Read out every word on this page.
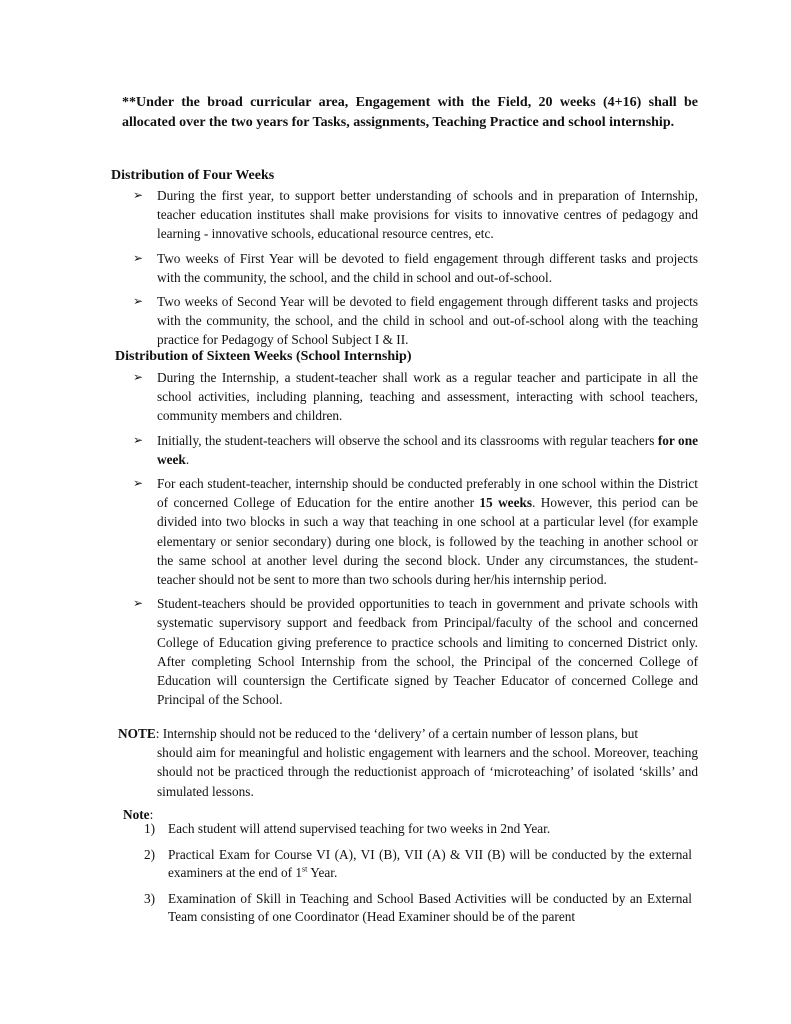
**Under the broad curricular area, Engagement with the Field, 20 weeks (4+16) shall be allocated over the two years for Tasks, assignments, Teaching Practice and school internship.
Distribution of Four Weeks
➢ During the first year, to support better understanding of schools and in preparation of Internship, teacher education institutes shall make provisions for visits to innovative centres of pedagogy and learning - innovative schools, educational resource centres, etc.
➢ Two weeks of First Year will be devoted to field engagement through different tasks and projects with the community, the school, and the child in school and out-of-school.
➢ Two weeks of Second Year will be devoted to field engagement through different tasks and projects with the community, the school, and the child in school and out-of-school along with the teaching practice for Pedagogy of School Subject I & II.
Distribution of Sixteen Weeks (School Internship)
➢ During the Internship, a student-teacher shall work as a regular teacher and participate in all the school activities, including planning, teaching and assessment, interacting with school teachers, community members and children.
➢ Initially, the student-teachers will observe the school and its classrooms with regular teachers for one week.
➢ For each student-teacher, internship should be conducted preferably in one school within the District of concerned College of Education for the entire another 15 weeks. However, this period can be divided into two blocks in such a way that teaching in one school at a particular level (for example elementary or senior secondary) during one block, is followed by the teaching in another school or the same school at another level during the second block. Under any circumstances, the student-teacher should not be sent to more than two schools during her/his internship period.
➢ Student-teachers should be provided opportunities to teach in government and private schools with systematic supervisory support and feedback from Principal/faculty of the school and concerned College of Education giving preference to practice schools and limiting to concerned District only. After completing School Internship from the school, the Principal of the concerned College of Education will countersign the Certificate signed by Teacher Educator of concerned College and Principal of the School.
NOTE: Internship should not be reduced to the ‘delivery’ of a certain number of lesson plans, but
should aim for meaningful and holistic engagement with learners and the school. Moreover, teaching should not be practiced through the reductionist approach of ‘microteaching’ of isolated ‘skills’ and simulated lessons.
Note:
1) Each student will attend supervised teaching for two weeks in 2nd Year.
2) Practical Exam for Course VI (A), VI (B), VII (A) & VII (B) will be conducted by the external examiners at the end of 1st Year.
3) Examination of Skill in Teaching and School Based Activities will be conducted by an External Team consisting of one Coordinator (Head Examiner should be of the parent
